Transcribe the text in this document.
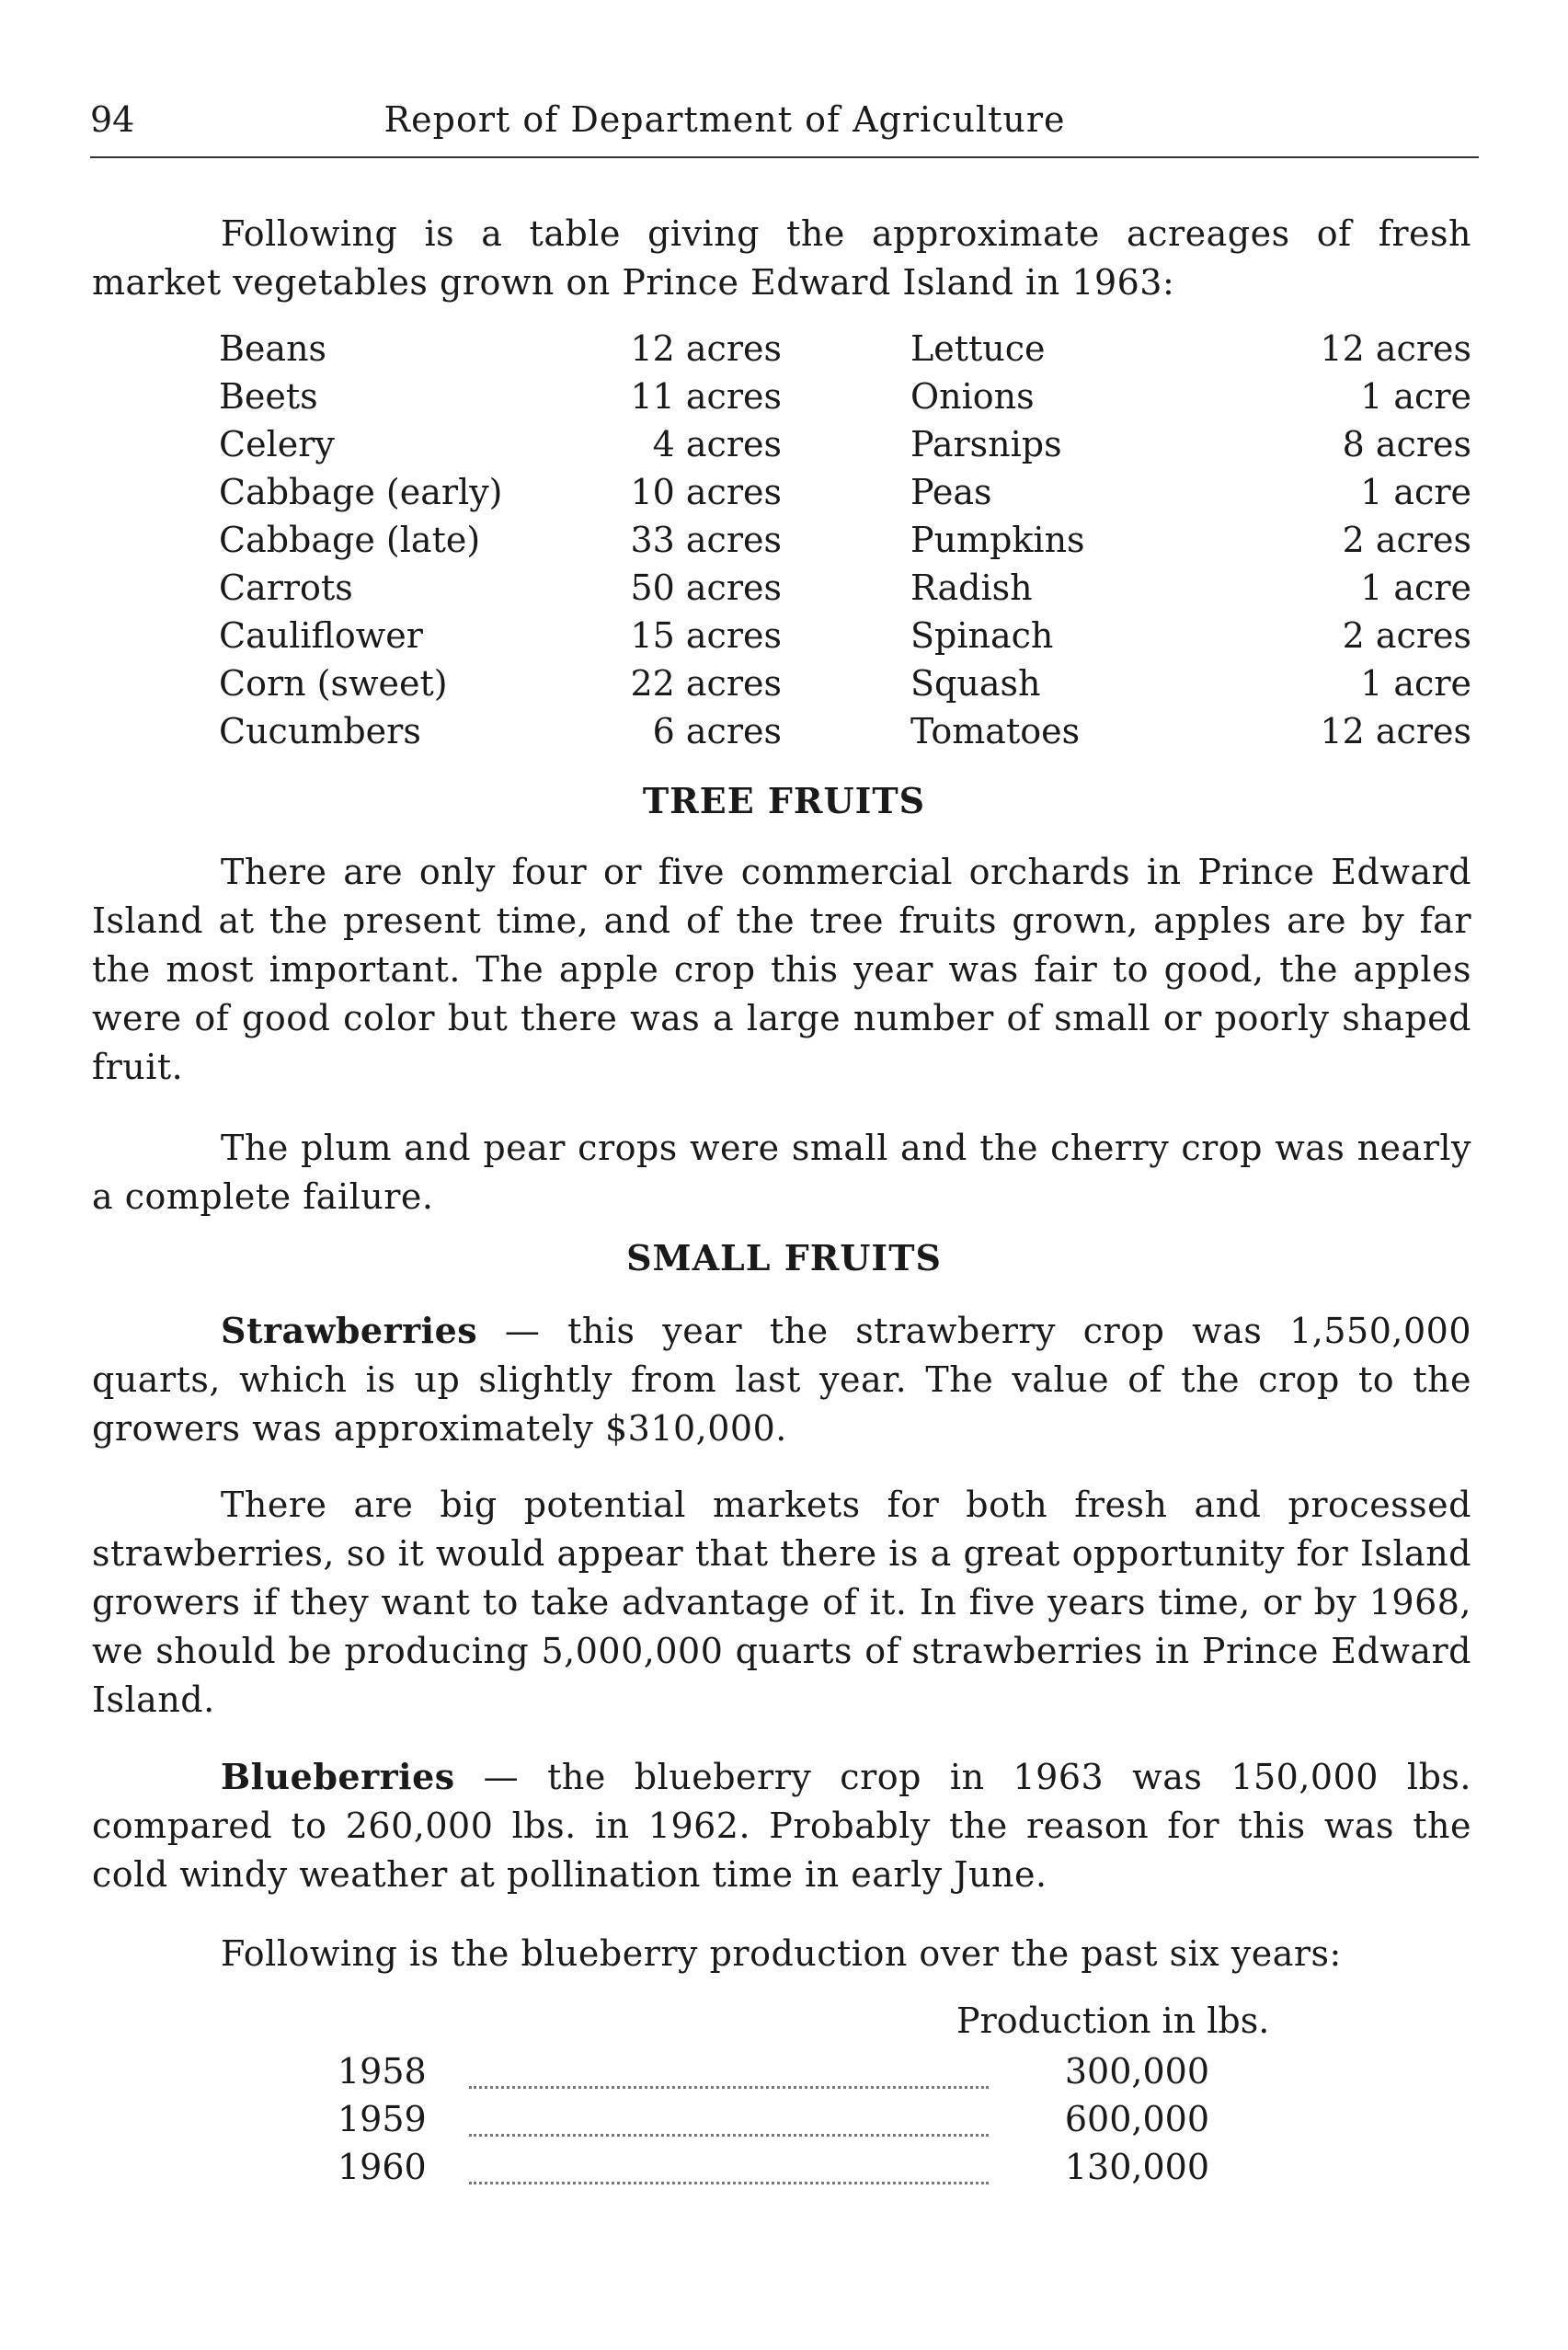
94	Report of Department of Agriculture

Following is a table giving the approximate acreages of fresh market vegetables grown on Prince Edward Island in 1963:

Beans	12 acres	Lettuce	12 acres
Beets	11 acres	Onions	1 acre
Celery	4 acres	Parsnips	8 acres
Cabbage (early)	10 acres	Peas	1 acre
Cabbage (late)	33 acres	Pumpkins	2 acres
Carrots	50 acres	Radish	1 acre
Cauliflower	15 acres	Spinach	2 acres
Corn (sweet)	22 acres	Squash	1 acre
Cucumbers	6 acres	Tomatoes	12 acres
TREE FRUITS

There are only four or five commercial orchards in Prince Edward Island at the present time, and of the tree fruits grown, apples are by far the most important. The apple crop this year was fair to good, the apples were of good color but there was a large number of small or poorly shaped fruit.

The plum and pear crops were small and the cherry crop was nearly a complete failure.

SMALL FRUITS

Strawberries — this year the strawberry crop was 1,550,000 quarts, which is up slightly from last year. The value of the crop to the growers was approximately $310,000.

There are big potential markets for both fresh and processed strawberries, so it would appear that there is a great opportunity for Island growers if they want to take advantage of it. In five years time, or by 1968, we should be producing 5,000,000 quarts of strawberries in Prince Edward Island.

Blueberries — the blueberry crop in 1963 was 150,000 lbs. compared to 260,000 lbs. in 1962. Probably the reason for this was the cold windy weather at pollination time in early June.

Following is the blueberry production over the past six years:

Production in lbs.
1958	300,000
1959	600,000
1960	130,000
